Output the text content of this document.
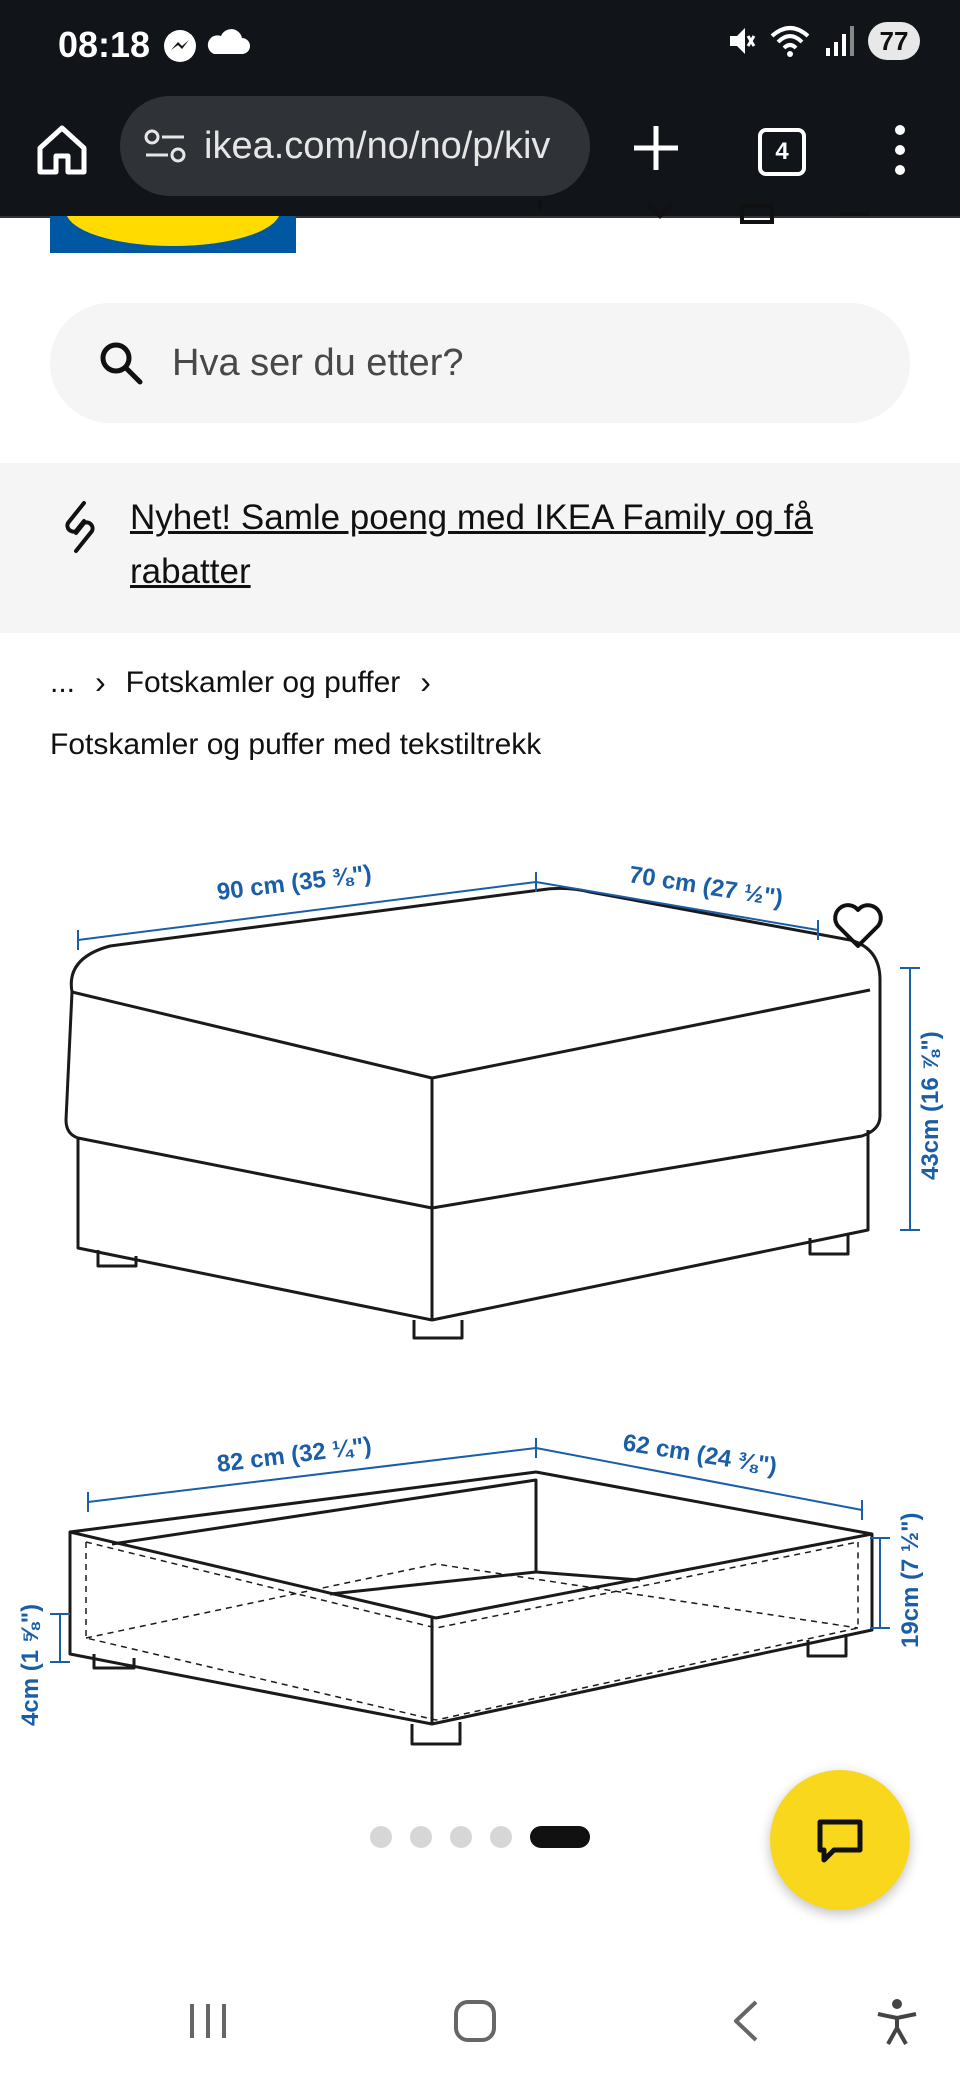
08:18	77
ikea.com/no/no/p/kiv	4
Hva ser du etter?
Nyhet! Samle poeng med IKEA Family og få rabatter
... › Fotskamler og puffer ›
Fotskamler og puffer med tekstiltrekk
90 cm (35 ⅜")	70 cm (27 ½")
43cm (16 ⅞")
82 cm (32 ¼")	62 cm (24 ⅜")
19cm (7 ½")
4cm (1 ⅝")
